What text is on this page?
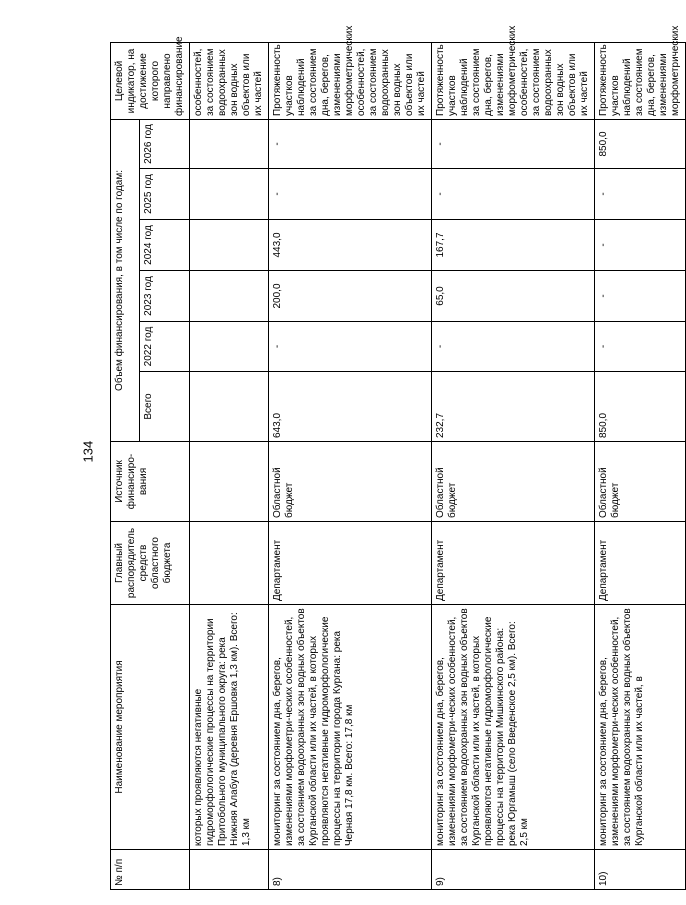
134
№ п/п	Наименование мероприятия	Главный распорядитель средств областного бюджета	Источник финансиро-вания	Объем финансирования, в том числе по годам:						Целевой индикатор, на достижение которого направлено финансирование
				Всего	2022 год	2023 год	2024 год	2025 год	2026 год	
	которых проявляются негативные гидроморфологические процессы на территории Притобольного муниципального округа: река Нижняя Алабуга (деревня Ершовка 1,3 км). Всего: 1,3 км									особенностей, за состоянием водоохранных зон водных объектов или их частей
8)	мониторинг за состоянием дна, берегов, изменениями морфометри-ческих особенностей, за состоянием водоохранных зон водных объектов Курганской области или их частей, в которых проявляются негативные гидроморфологические процессы на территории города Кургана: река Черная 17,8 км. Всего: 17,8 км	Департамент	Областной бюджет	643,0	-	200,0	443,0	-	-	Протяженность участков наблюдений за состоянием дна, берегов, изменениями морфометрических особенностей, за состоянием водоохранных зон водных объектов или их частей
9)	мониторинг за состоянием дна, берегов, изменениями морфометри-ческих особенностей, за состоянием водоохранных зон водных объектов Курганской области или их частей, в которых проявляются негативные гидроморфологические процессы на территории Мишкинского района: река Юргамыш (село Введенское 2,5 км). Всего: 2,5 км	Департамент	Областной бюджет	232,7	-	65,0	167,7	-	-	Протяженность участков наблюдений за состоянием дна, берегов, изменениями морфометрических особенностей, за состоянием водоохранных зон водных объектов или их частей
10)	мониторинг за состоянием дна, берегов, изменениями морфометри-ческих особенностей, за состоянием водоохранных зон водных объектов Курганской области или их частей, в	Департамент	Областной бюджет	850,0	-	-	-	-	850,0	Протяженность участков наблюдений за состоянием дна, берегов, изменениями морфометрических
